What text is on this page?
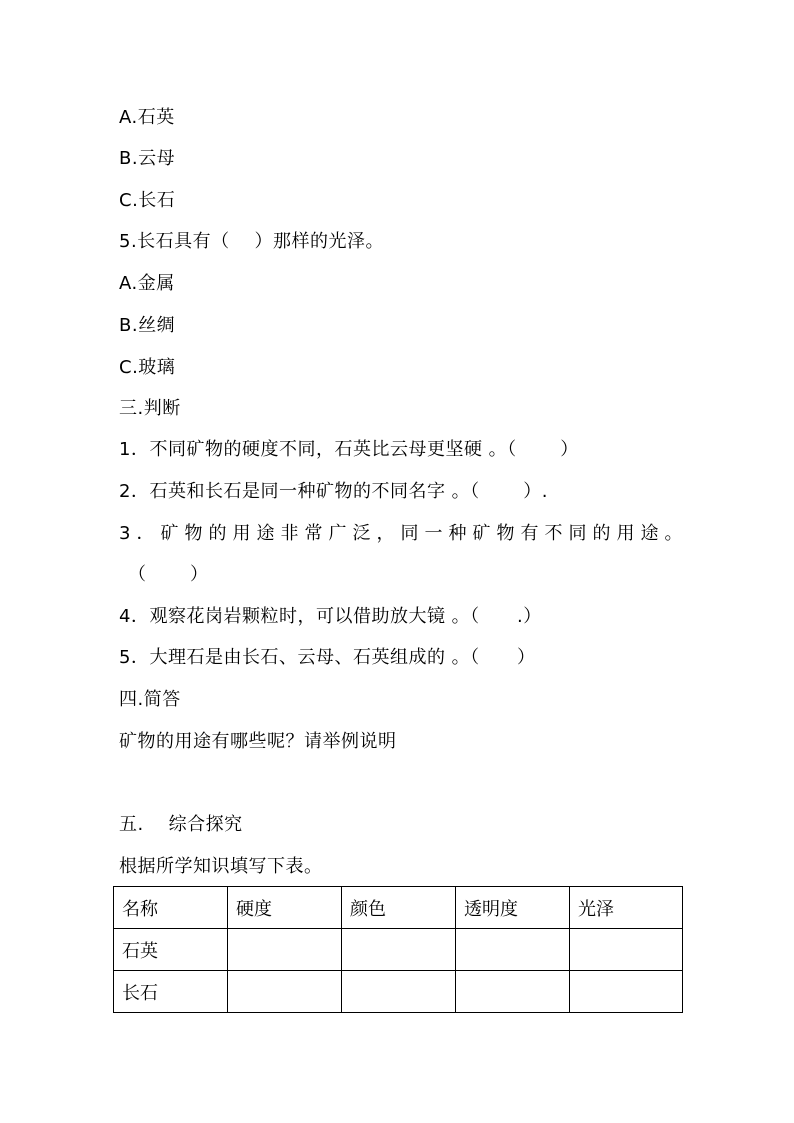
A.石英
B.云母
C.长石
5.长石具有（    ）那样的光泽。
A.金属
B.丝绸
C.玻璃
三.判断
1．不同矿物的硬度不同，石英比云母更坚硬 。（       ）
2．石英和长石是同一种矿物的不同名字 。（       ）.
3．矿物的用途非常广泛，同一种矿物有不同的用途。
（       ）
4．观察花岗岩颗粒时，可以借助放大镜 。（      .）
5．大理石是由长石、云母、石英组成的 。（      ）
四.简答
矿物的用途有哪些呢？请举例说明
五.    综合探究
根据所学知识填写下表。
名称	硬度	颜色	透明度	光泽
石英				
长石				
